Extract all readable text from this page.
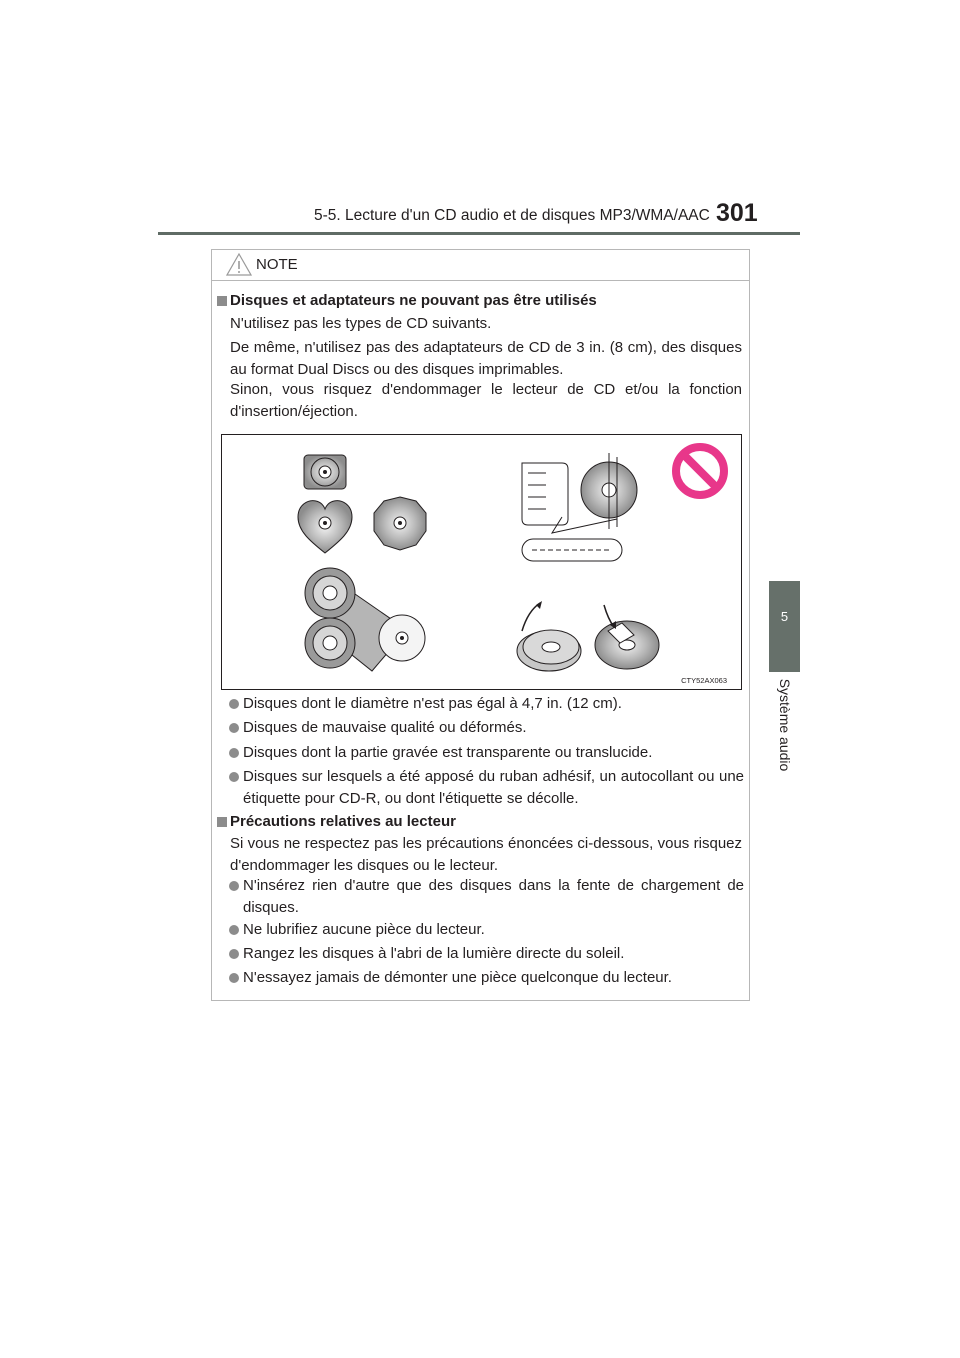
5-5. Lecture d'un CD audio et de disques MP3/WMA/AAC 301
5
Système audio
NOTE
Disques et adaptateurs ne pouvant pas être utilisés
N'utilisez pas les types de CD suivants.
De même, n'utilisez pas des adaptateurs de CD de 3 in. (8 cm), des disques au format Dual Discs ou des disques imprimables.
Sinon, vous risquez d'endommager le lecteur de CD et/ou la fonction d'insertion/éjection.
CTY52AX063
Disques dont le diamètre n'est pas égal à 4,7 in. (12 cm).
Disques de mauvaise qualité ou déformés.
Disques dont la partie gravée est transparente ou translucide.
Disques sur lesquels a été apposé du ruban adhésif, un autocollant ou une étiquette pour CD-R, ou dont l'étiquette se décolle.
Précautions relatives au lecteur
Si vous ne respectez pas les précautions énoncées ci-dessous, vous risquez d'endommager les disques ou le lecteur.
N'insérez rien d'autre que des disques dans la fente de chargement de disques.
Ne lubrifiez aucune pièce du lecteur.
Rangez les disques à l'abri de la lumière directe du soleil.
N'essayez jamais de démonter une pièce quelconque du lecteur.
